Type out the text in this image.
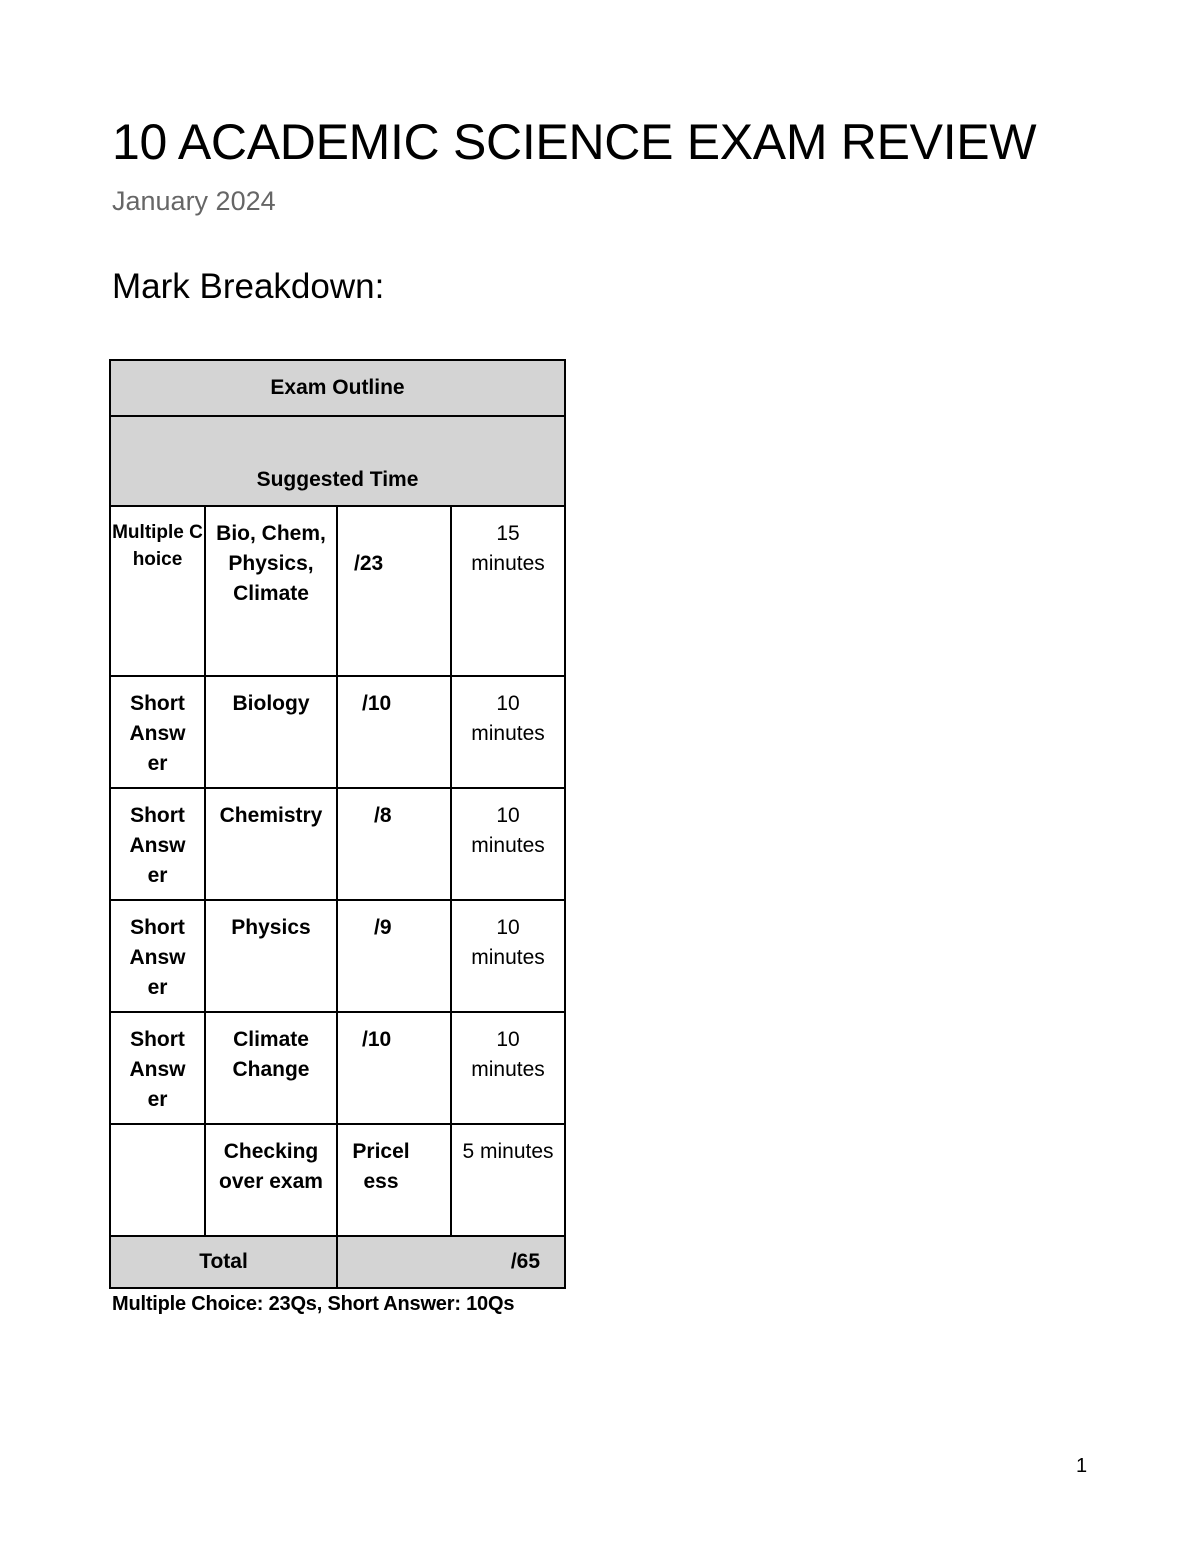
10 ACADEMIC SCIENCE EXAM REVIEW
January 2024
Mark Breakdown:
Exam Outline			

Suggested Time			

Multiple Choice	Bio, Chem, Physics, Climate	/23	15 minutes
Short Answer	Biology	/10	10 minutes
Short Answer	Chemistry	/8	10 minutes
Short Answer	Physics	/9	10 minutes
Short Answer	Climate Change	/10	10 minutes
	Checking over exam	Priceless	5 minutes
Total		/65	
Multiple Choice: 23Qs, Short Answer: 10Qs
1
